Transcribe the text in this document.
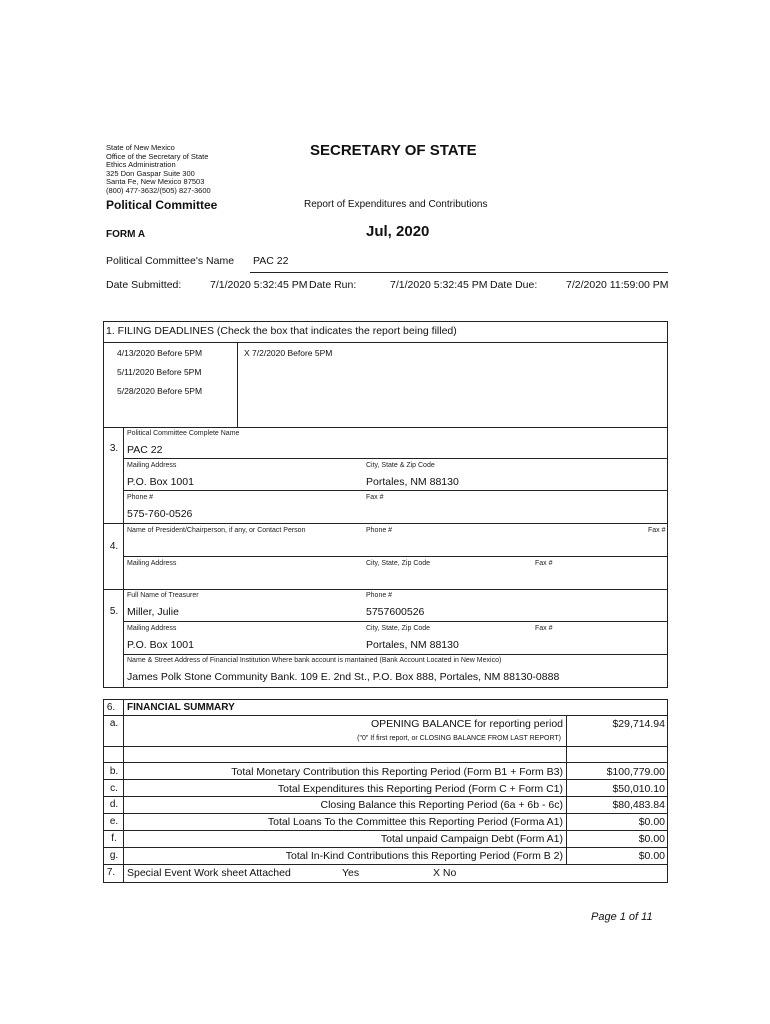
State of New Mexico
Office of the Secretary of State
Ethics Administration
325 Don Gaspar Suite 300
Santa Fe, New Mexico 87503
(800) 477-3632/(505) 827-3600
SECRETARY OF STATE
Political Committee	Report of Expenditures and Contributions
FORM A	Jul, 2020
Political Committee's Name PAC 22
Date Submitted:	7/1/2020 5:32:45 PM Date Run:	7/1/2020 5:32:45 PM Date Due:	7/2/2020 11:59:00 PM
1. FILING DEADLINES (Check the box that indicates the report being filled)
4/13/2020 Before 5PM
5/11/2020 Before 5PM
5/28/2020 Before 5PM
X 7/2/2020 Before 5PM
3.
Political Committee Complete Name
PAC 22
Mailing Address	City, State & Zip Code
P.O. Box 1001	Portales, NM 88130
Phone #	Fax #
575-760-0526
Name of President/Chairperson, if any, or Contact Person	Phone #	Fax #
4.
Mailing Address	City, State, Zip Code	Fax #
Full Name of Treasurer	Phone #
5. Miller, Julie	5757600526
Mailing Address	City, State, Zip Code	Fax #
P.O. Box 1001	Portales, NM 88130
Name & Street Address of Financial Institution Where bank account is mantained (Bank Account Located in New Mexico)
James Polk Stone Community Bank. 109 E. 2nd St., P.O. Box 888, Portales, NM 88130-0888
6.	FINANCIAL SUMMARY
a.	OPENING BALANCE for reporting period
("0" If first report, or CLOSING BALANCE FROM LAST REPORT)
$29,714.94
b.	Total Monetary Contribution this Reporting Period (Form B1 + Form B3)	$100,779.00
c.	Total Expenditures this Reporting Period (Form C + Form C1)	$50,010.10
d.	Closing Balance this Reporting Period (6a + 6b - 6c)	$80,483.84
e.	Total Loans To the Committee this Reporting Period (Forma A1)	$0.00
f.	Total unpaid Campaign Debt (Form A1)	$0.00
g.	Total In-Kind Contributions this Reporting Period (Form B 2)	$0.00
7.	Special Event Work sheet Attached	Yes	X No
Page 1 of 11
